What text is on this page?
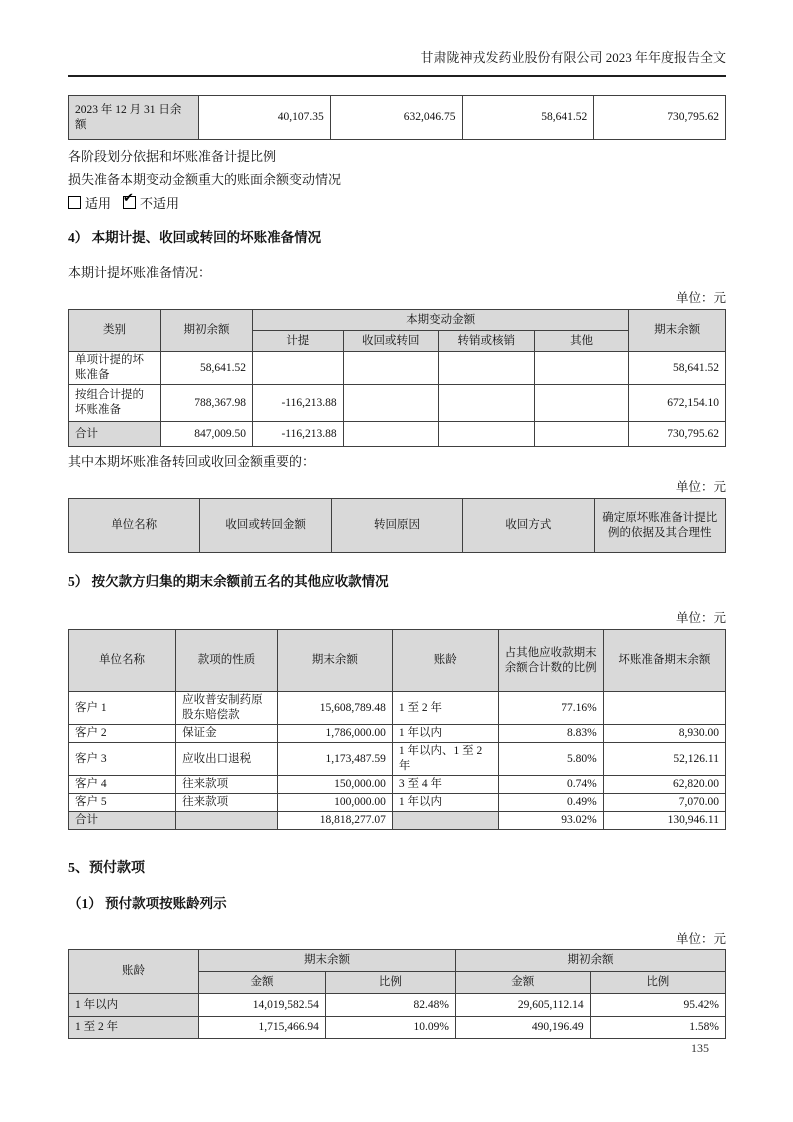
甘肃陇神戎发药业股份有限公司 2023 年年度报告全文
2023 年 12 月 31 日余额	40,107.35	632,046.75	58,641.52	730,795.62
各阶段划分依据和坏账准备计提比例
损失准备本期变动金额重大的账面余额变动情况
适用 ✔ 不适用
4） 本期计提、收回或转回的坏账准备情况
本期计提坏账准备情况：
单位：元
类别	期初余额	本期变动金额				期末余额
		计提	收回或转回	转销或核销	其他	
单项计提的坏账准备	58,641.52					58,641.52
按组合计提的坏账准备	788,367.98	-116,213.88				672,154.10
合计	847,009.50	-116,213.88				730,795.62
其中本期坏账准备转回或收回金额重要的：
单位：元
单位名称	收回或转回金额	转回原因	收回方式	确定原坏账准备计提比例的依据及其合理性
5） 按欠款方归集的期末余额前五名的其他应收款情况
单位：元
单位名称	款项的性质	期末余额	账龄	占其他应收款期末余额合计数的比例	坏账准备期末余额
客户 1	应收普安制药原股东赔偿款	15,608,789.48	1 至 2 年	77.16%	
客户 2	保证金	1,786,000.00	1 年以内	8.83%	8,930.00
客户 3	应收出口退税	1,173,487.59	1 年以内、1 至 2 年	5.80%	52,126.11
客户 4	往来款项	150,000.00	3 至 4 年	0.74%	62,820.00
客户 5	往来款项	100,000.00	1 年以内	0.49%	7,070.00
合计		18,818,277.07		93.02%	130,946.11
5、预付款项
（1） 预付款项按账龄列示
单位：元
账龄	期末余额		期初余额	
	金额	比例	金额	比例
1 年以内	14,019,582.54	82.48%	29,605,112.14	95.42%
1 至 2 年	1,715,466.94	10.09%	490,196.49	1.58%
135
